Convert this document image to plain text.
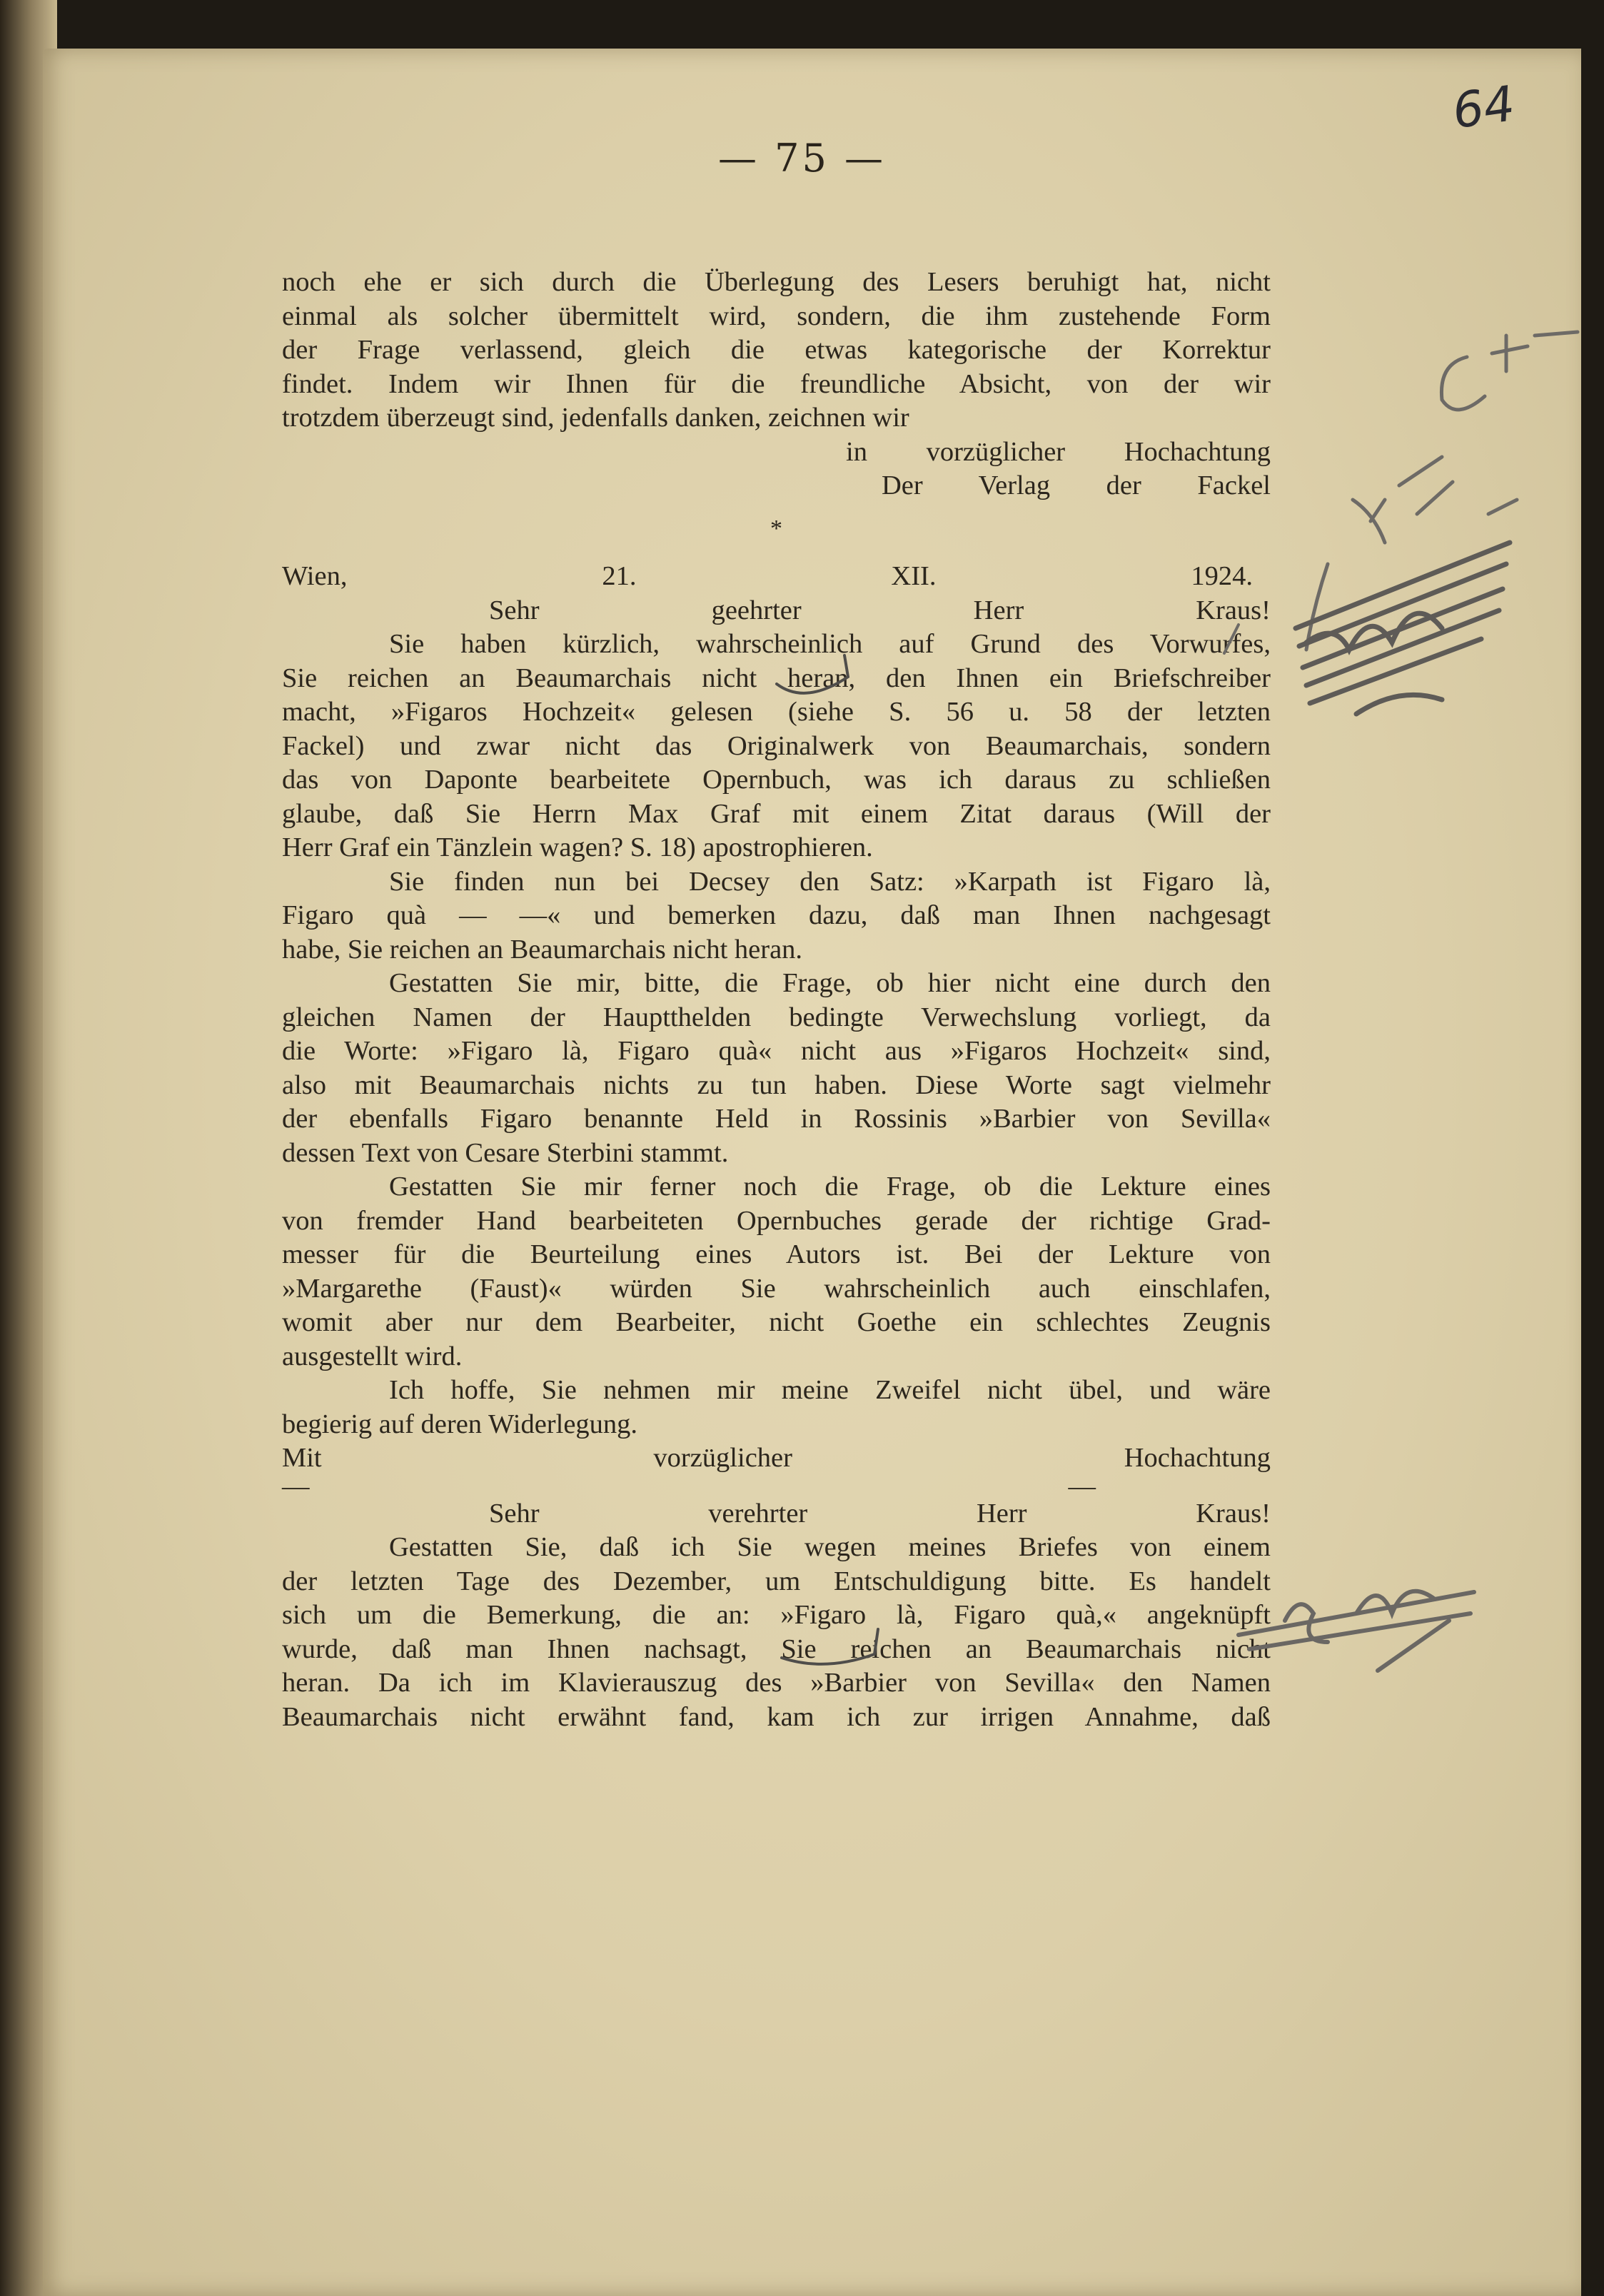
64
— 75 —

noch ehe er sich durch die Überlegung des Lesers beruhigt hat, nicht

einmal als solcher übermittelt wird, sondern, die ihm zustehende Form

der Frage verlassend, gleich die etwas kategorische der Korrektur

findet. Indem wir Ihnen für die freundliche Absicht, von der wir

trotzdem überzeugt sind, jedenfalls danken, zeichnen wir

in vorzüglicher Hochachtung

Der Verlag der Fackel

*

Wien, 21. XII. 1924.

Sehr geehrter Herr Kraus!

Sie haben kürzlich, wahrscheinlich auf Grund des Vorwurfes,

Sie reichen an Beaumarchais nicht heran, den Ihnen ein Briefschreiber

macht, »Figaros Hochzeit« gelesen (siehe S. 56 u. 58 der letzten

Fackel) und zwar nicht das Originalwerk von Beaumarchais, sondern

das von Daponte bearbeitete Opernbuch, was ich daraus zu schließen

glaube, daß Sie Herrn Max Graf mit einem Zitat daraus (Will der

Herr Graf ein Tänzlein wagen? S. 18) apostrophieren.

Sie finden nun bei Decsey den Satz: »Karpath ist Figaro là,

Figaro quà — —« und bemerken dazu, daß man Ihnen nachgesagt

habe, Sie reichen an Beaumarchais nicht heran.

Gestatten Sie mir, bitte, die Frage, ob hier nicht eine durch den

gleichen Namen der Hauptthelden bedingte Verwechslung vorliegt, da

die Worte: »Figaro là, Figaro quà« nicht aus »Figaros Hochzeit« sind,

also mit Beaumarchais nichts zu tun haben. Diese Worte sagt vielmehr

der ebenfalls Figaro benannte Held in Rossinis »Barbier von Sevilla«

dessen Text von Cesare Sterbini stammt.

Gestatten Sie mir ferner noch die Frage, ob die Lekture eines

von fremder Hand bearbeiteten Opernbuches gerade der richtige Grad-

messer für die Beurteilung eines Autors ist. Bei der Lekture von

»Margarethe (Faust)« würden Sie wahrscheinlich auch einschlafen,

womit aber nur dem Bearbeiter, nicht Goethe ein schlechtes Zeugnis

ausgestellt wird.

Ich hoffe, Sie nehmen mir meine Zweifel nicht übel, und wäre

begierig auf deren Widerlegung.

Mit vorzüglicher Hochachtung

— —

Sehr verehrter Herr Kraus!

Gestatten Sie, daß ich Sie wegen meines Briefes von einem

der letzten Tage des Dezember, um Entschuldigung bitte. Es handelt

sich um die Bemerkung, die an: »Figaro là, Figaro quà,« angeknüpft

wurde, daß man Ihnen nachsagt, Sie reichen an Beaumarchais nicht

heran. Da ich im Klavierauszug des »Barbier von Sevilla« den Namen

Beaumarchais nicht erwähnt fand, kam ich zur irrigen Annahme, daß
